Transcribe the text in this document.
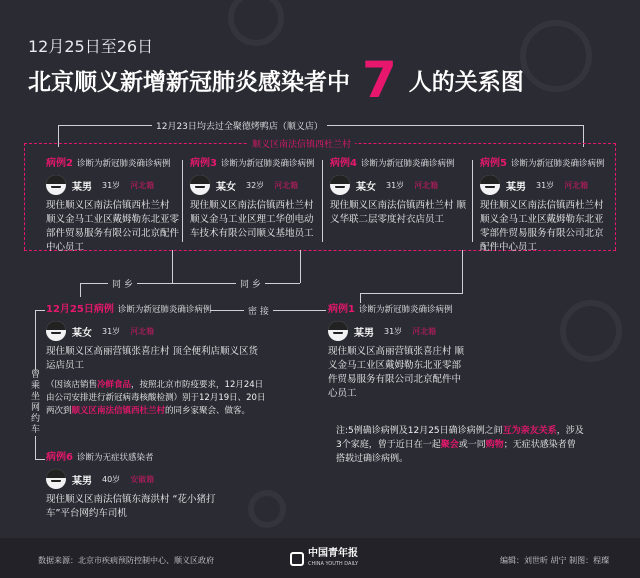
12月25日至26日
北京顺义新增新冠肺炎感染者中 7 人的关系图
12月23日均去过全聚德烤鸭店（顺义店）
顺义区南法信镇西杜兰村
病例2 诊断为新冠肺炎确诊病例
某男 31岁 河北籍
现住顺义区南法信镇西杜兰村 顺义金马工业区戴姆勒东北亚零部件贸易服务有限公司北京配件中心员工
病例3 诊断为新冠肺炎确诊病例
某女 32岁 河北籍
现住顺义区南法信镇西杜兰村 顺义金马工业区理工华创电动车技术有限公司顺义基地员工
病例4 诊断为新冠肺炎确诊病例
某女 31岁 河北籍
现住顺义区南法信镇西杜兰村 顺义华联二层零度衬衣店员工
病例5 诊断为新冠肺炎确诊病例
某男 31岁 河北籍
现住顺义区南法信镇西杜兰村 顺义金马工业区戴姆勒东北亚零部件贸易服务有限公司北京配件中心员工
同 乡	同 乡
密 接
12月25日病例 诊断为新冠肺炎确诊病例
某女 31岁 河北籍
现住顺义区高丽营镇张喜庄村 顶全便利店顺义区货运店员工
（因该店销售冷鲜食品，按照北京市防疫要求，12月24日由公司安排进行新冠病毒核酸检测）别于12月19日、20日两次到顺义区南法信镇西杜兰村的同乡家聚会、做客。
病例1 诊断为新冠肺炎确诊病例
某男 31岁 河北籍
现住顺义区高丽营镇张喜庄村 顺义金马工业区戴姆勒东北亚零部件贸易服务有限公司北京配件中心员工
曾乘坐网约车	注:5例确诊病例及12月25日确诊病例之间互为亲友关系，涉及3个家庭，曾于近日在一起聚会或一同购物；无症状感染者曾搭载过确诊病例。
病例6 诊断为无症状感染者
某男 40岁 安徽籍
现住顺义区南法信镇东海洪村 “花小猪打车”平台网约车司机
数据来源：北京市疾病预防控制中心、顺义区政府
中国青年报
CHINA YOUTH DAILY	编辑：刘世昕 胡宁 制图：程璨
